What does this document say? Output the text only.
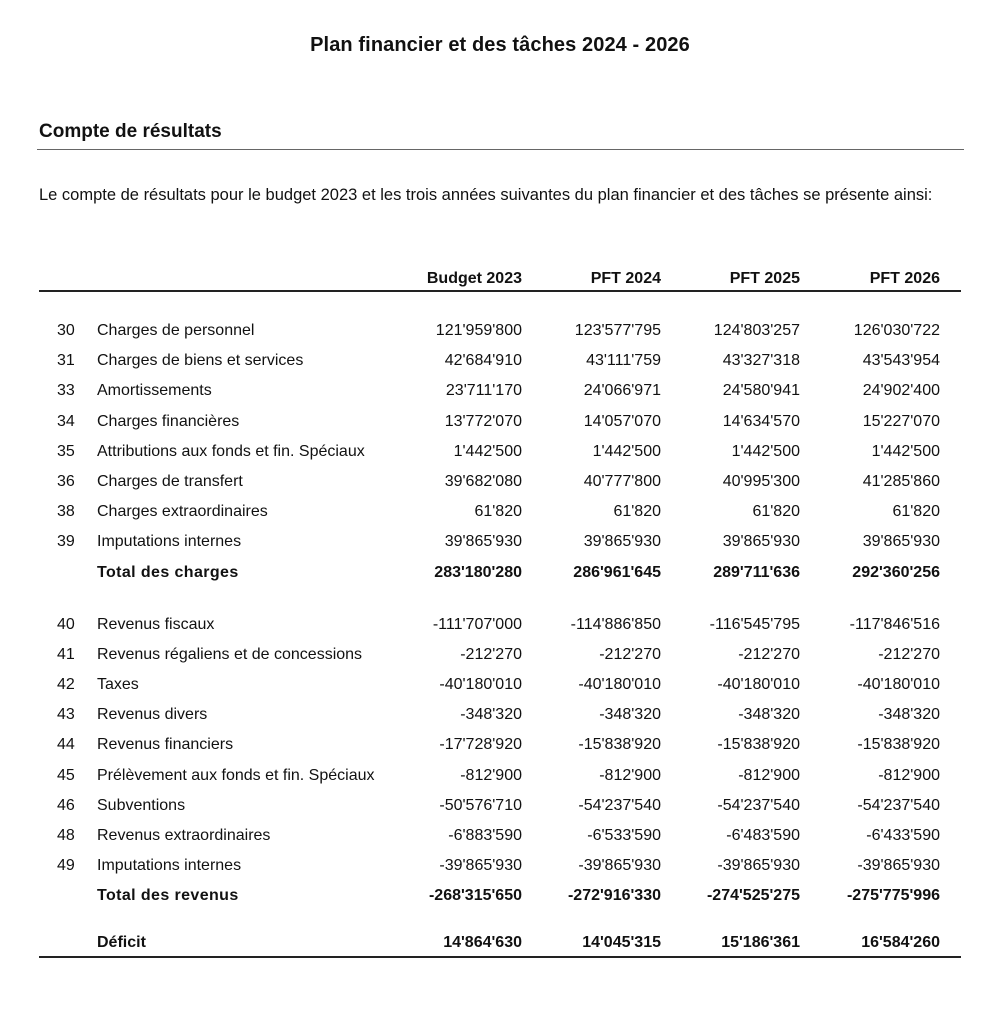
Plan financier et des tâches 2024 - 2026
Compte de résultats
Le compte de résultats pour le budget 2023 et les trois années suivantes du plan financier et des tâches se présente ainsi:
Budget 2023	PFT 2024	PFT 2025	PFT 2026
30 Charges de personnel	121'959'800	123'577'795	124'803'257	126'030'722
31 Charges de biens et services	42'684'910	43'111'759	43'327'318	43'543'954
33 Amortissements	23'711'170	24'066'971	24'580'941	24'902'400
34 Charges financières	13'772'070	14'057'070	14'634'570	15'227'070
35 Attributions aux fonds et fin. Spéciaux	1'442'500	1'442'500	1'442'500	1'442'500
36 Charges de transfert	39'682'080	40'777'800	40'995'300	41'285'860
38 Charges extraordinaires	61'820	61'820	61'820	61'820
39 Imputations internes	39'865'930	39'865'930	39'865'930	39'865'930
Total des charges	283'180'280	286'961'645	289'711'636	292'360'256
40 Revenus fiscaux	-111'707'000	-114'886'850	-116'545'795	-117'846'516
41 Revenus régaliens et de concessions	-212'270	-212'270	-212'270	-212'270
42 Taxes	-40'180'010	-40'180'010	-40'180'010	-40'180'010
43 Revenus divers	-348'320	-348'320	-348'320	-348'320
44 Revenus financiers	-17'728'920	-15'838'920	-15'838'920	-15'838'920
45 Prélèvement aux fonds et fin. Spéciaux	-812'900	-812'900	-812'900	-812'900
46 Subventions	-50'576'710	-54'237'540	-54'237'540	-54'237'540
48 Revenus extraordinaires	-6'883'590	-6'533'590	-6'483'590	-6'433'590
49 Imputations internes	-39'865'930	-39'865'930	-39'865'930	-39'865'930
Total des revenus	-268'315'650	-272'916'330	-274'525'275	-275'775'996
Déficit	14'864'630	14'045'315	15'186'361	16'584'260
